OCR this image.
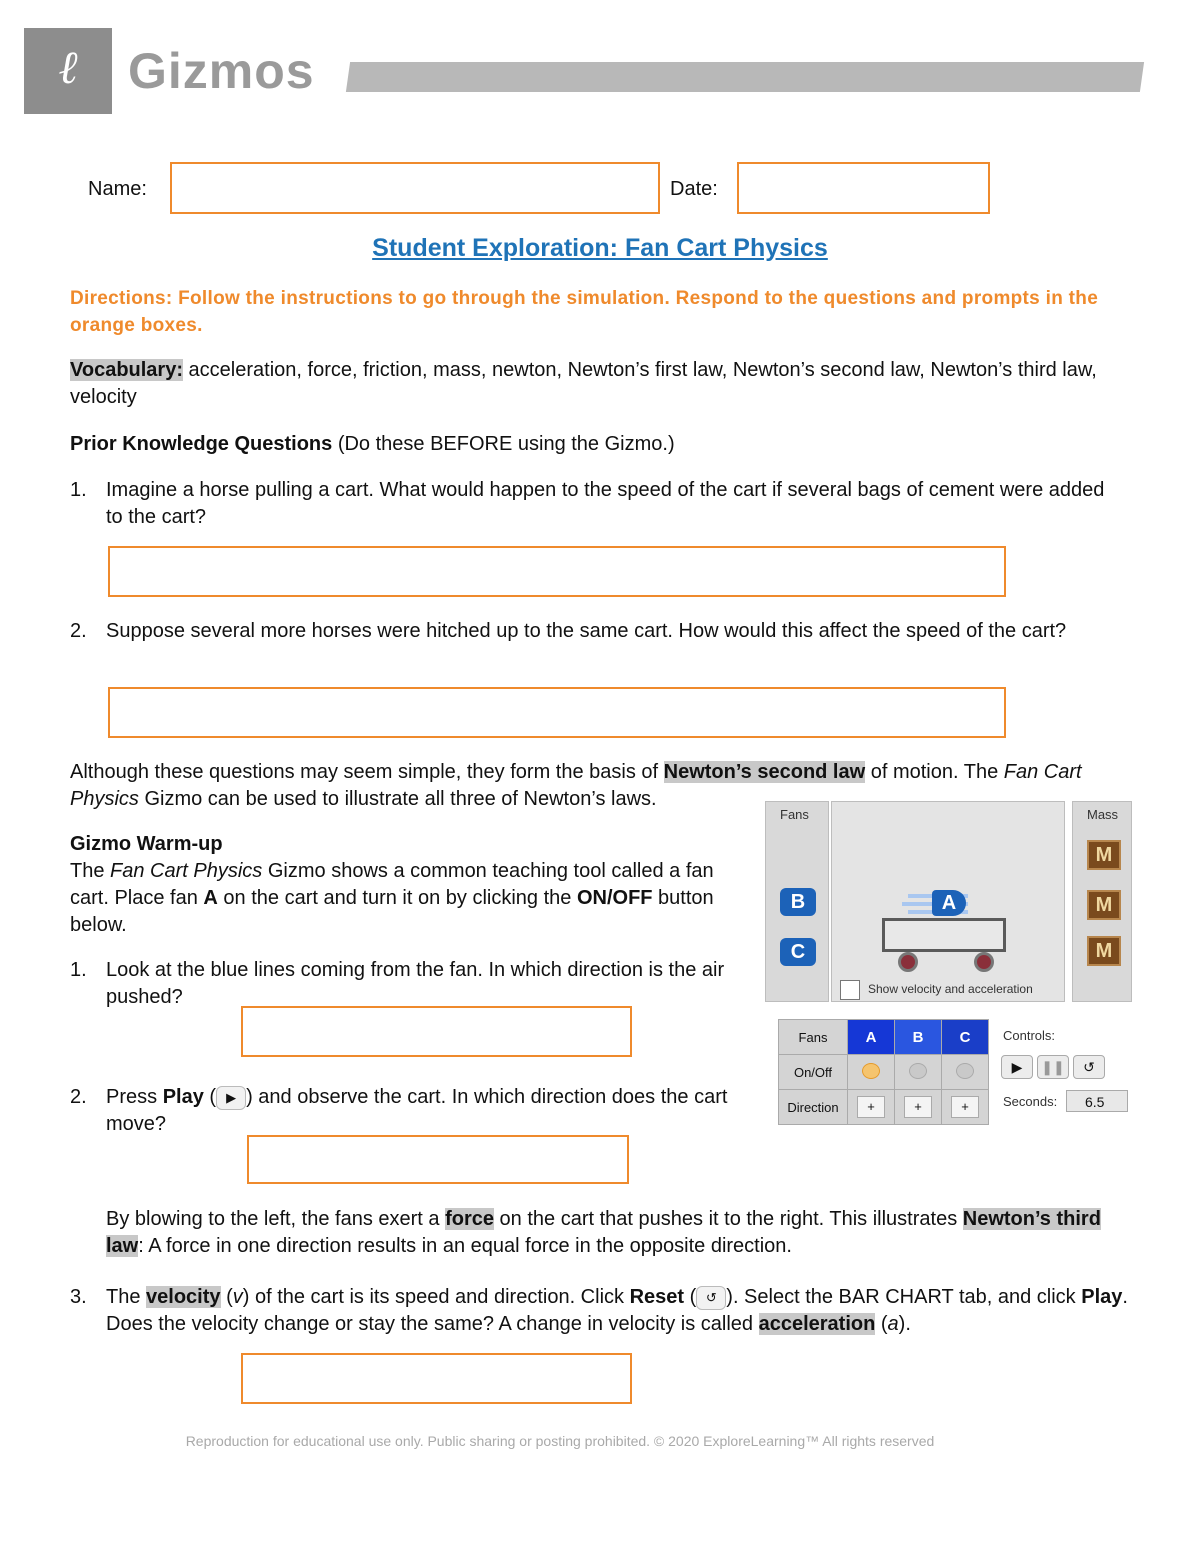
ℓ	Gizmos
Name:	Date:
Student Exploration: Fan Cart Physics
Directions: Follow the instructions to go through the simulation. Respond to the questions and prompts in the orange boxes.
Vocabulary: acceleration, force, friction, mass, newton, Newton’s first law, Newton’s second law, Newton’s third law, velocity
Prior Knowledge Questions (Do these BEFORE using the Gizmo.)
1. Imagine a horse pulling a cart. What would happen to the speed of the cart if several bags of cement were added to the cart?
2. Suppose several more horses were hitched up to the same cart. How would this affect the speed of the cart?
Although these questions may seem simple, they form the basis of Newton’s second law of motion. The Fan Cart Physics Gizmo can be used to illustrate all three of Newton’s laws.
Gizmo Warm-up
The Fan Cart Physics Gizmo shows a common teaching tool called a fan cart. Place fan A on the cart and turn it on by clicking the ON/OFF button below.
1. Look at the blue lines coming from the fan. In which direction is the air pushed?
2. Press Play ( ▶ ) and observe the cart. In which direction does the cart move?
By blowing to the left, the fans exert a force on the cart that pushes it to the right. This illustrates Newton’s third law: A force in one direction results in an equal force in the opposite direction.
3. The velocity (v) of the cart is its speed and direction. Click Reset ( ↺ ). Select the BAR CHART tab, and click Play. Does the velocity change or stay the same? A change in velocity is called acceleration (a).
Fans
B
C
A
Show velocity and acceleration
Mass
M
M
M
Fans	A	B	C
On/Off			
Direction	+	+	+
Controls:
▶ ❚❚ ↺
Seconds:	6.5
Reproduction for educational use only. Public sharing or posting prohibited. © 2020 ExploreLearning™ All rights reserved
